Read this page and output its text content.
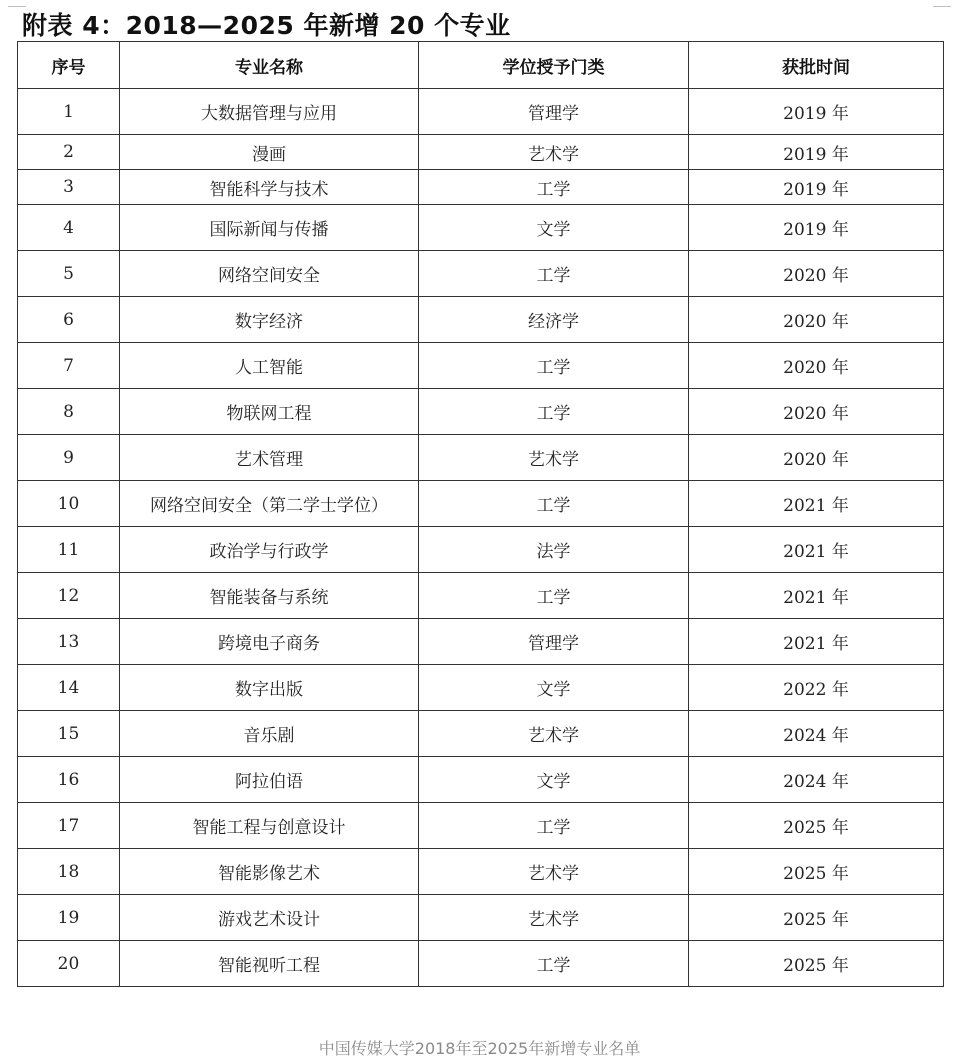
附表 4：2018—2025 年新增 20 个专业
序号	专业名称	学位授予门类	获批时间
1	大数据管理与应用	管理学	2019 年
2	漫画	艺术学	2019 年
3	智能科学与技术	工学	2019 年
4	国际新闻与传播	文学	2019 年
5	网络空间安全	工学	2020 年
6	数字经济	经济学	2020 年
7	人工智能	工学	2020 年
8	物联网工程	工学	2020 年
9	艺术管理	艺术学	2020 年
10	网络空间安全（第二学士学位）	工学	2021 年
11	政治学与行政学	法学	2021 年
12	智能装备与系统	工学	2021 年
13	跨境电子商务	管理学	2021 年
14	数字出版	文学	2022 年
15	音乐剧	艺术学	2024 年
16	阿拉伯语	文学	2024 年
17	智能工程与创意设计	工学	2025 年
18	智能影像艺术	艺术学	2025 年
19	游戏艺术设计	艺术学	2025 年
20	智能视听工程	工学	2025 年
中国传媒大学2018年至2025年新增专业名单
